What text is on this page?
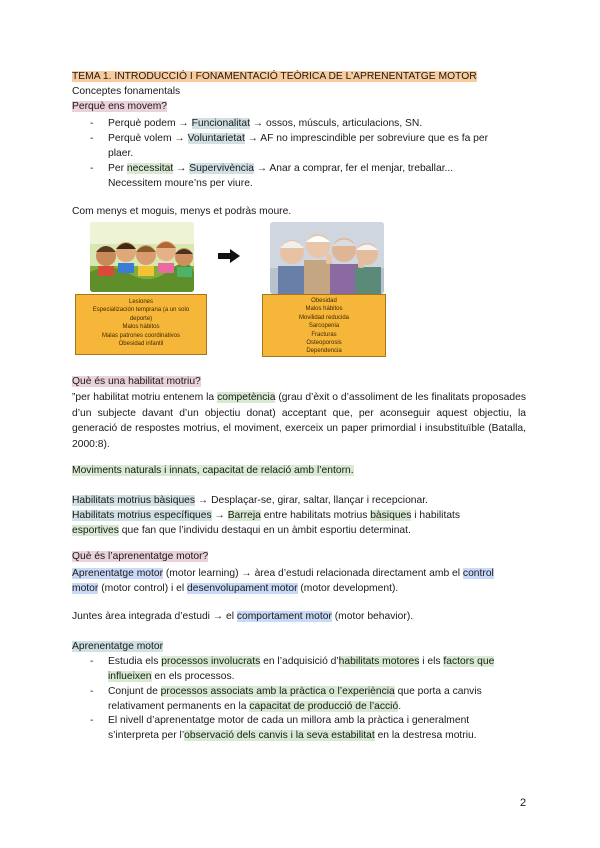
TEMA 1. INTRODUCCIÓ I FONAMENTACIÓ TEÒRICA DE L’APRENENTATGE MOTOR
Conceptes fonamentals
Perquè ens movem?
- Perquè podem → Funcionalitat → ossos, músculs, articulacions, SN.
- Perquè volem → Voluntarietat → AF no imprescindible per sobreviure que es fa per
plaer.
- Per necessitat → Supervivència → Anar a comprar, fer el menjar, treballar...
Necessitem moure’ns per viure.
Com menys et moguis, menys et podràs moure.
Lesiones
Especialización temprana (a un solo
deporte)
Malos hábitos
Malas patrones coordinativos
Obesidad infantil
Obesidad
Malos hábitos
Movilidad reducida
Sarcopenia
Fracturas
Osteoporosis
Dependencia
Què és una habilitat motriu?
”per habilitat motriu entenem la competència (grau d’èxit o d’assoliment de les finalitats proposades d’un subjecte davant d’un objectiu donat) acceptant que, per aconseguir aquest objectiu, la generació de respostes motrius, el moviment, exerceix un paper primordial i insubstituïble (Batalla, 2000:8).
Moviments naturals i innats, capacitat de relació amb l’entorn.
Habilitats motrius bàsiques → Desplaçar-se, girar, saltar, llançar i recepcionar.
Habilitats motrius específiques → Barreja entre habilitats motrius bàsiques i habilitats
esportives que fan que l’individu destaqui en un àmbit esportiu determinat.
Què és l’aprenentatge motor?
Aprenentatge motor (motor learning) → àrea d’estudi relacionada directament amb el control
motor (motor control) i el desenvolupament motor (motor development).
Juntes àrea integrada d’estudi → el comportament motor (motor behavior).
Aprenentatge motor
- Estudia els processos involucrats en l’adquisició d’habilitats motores i els factors que
influeixen en els processos.
- Conjunt de processos associats amb la pràctica o l’experiència que porta a canvis
relativament permanents en la capacitat de producció de l’acció.
- El nivell d’aprenentatge motor de cada un millora amb la pràctica i generalment
s’interpreta per l’observació dels canvis i la seva estabilitat en la destresa motriu.
2
